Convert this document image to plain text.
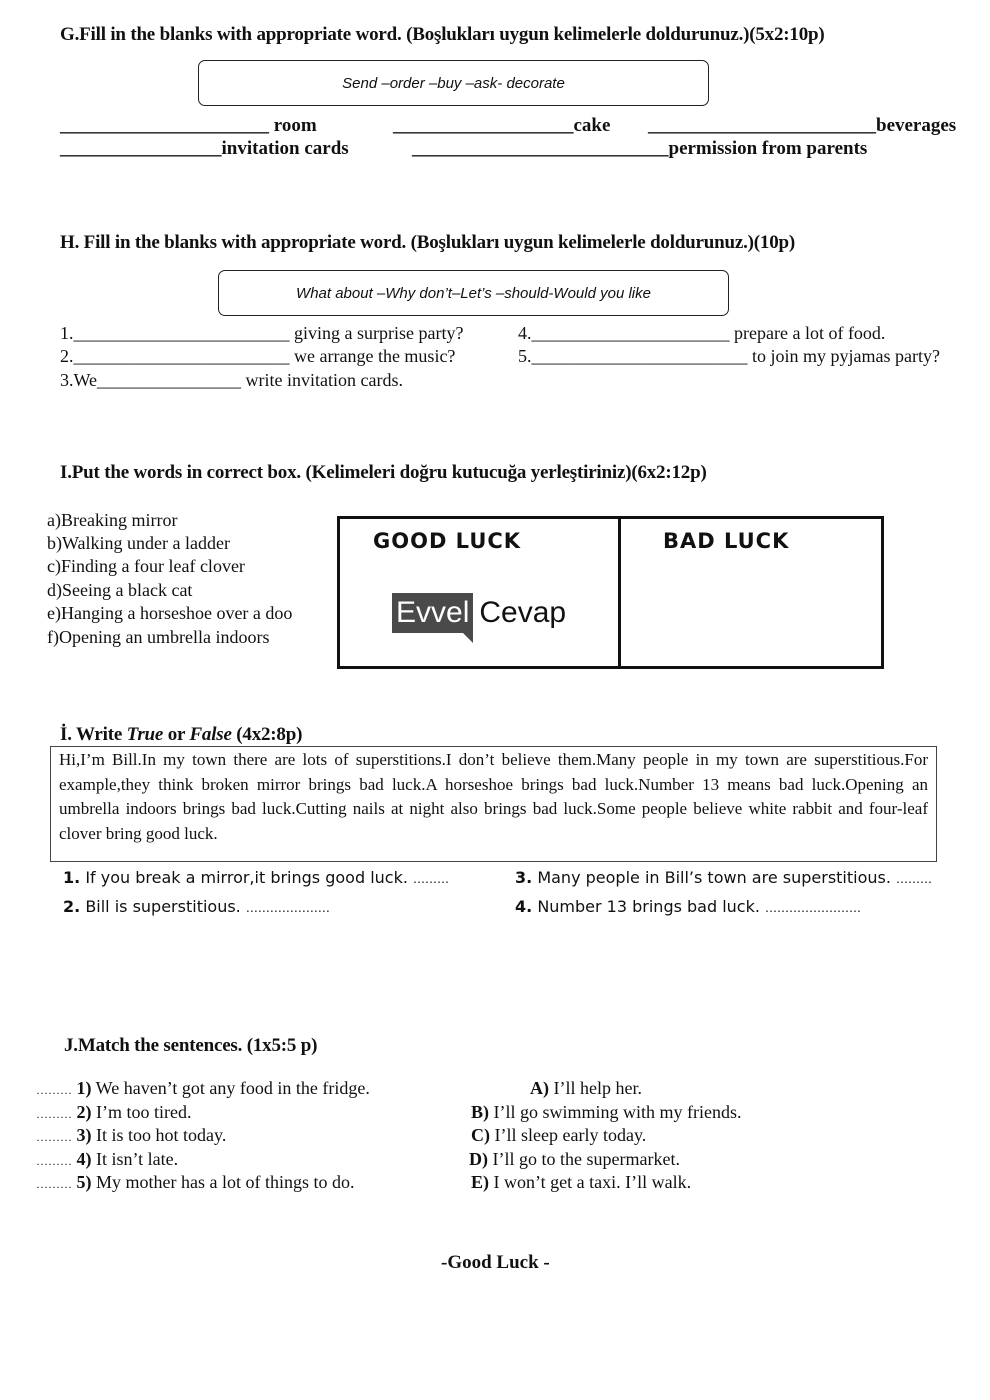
G.Fill in the blanks with appropriate word. (Boşlukları uygun kelimelerle doldurunuz.)(5x2:10p)
Send –order –buy –ask- decorate
______________________ room	___________________cake ________________________beverages
_________________invitation cards	___________________________permission from parents
H. Fill in the blanks with appropriate word. (Boşlukları uygun kelimelerle doldurunuz.)(10p)
What about –Why don’t–Let’s –should-Would you like
1.________________________ giving a surprise party?
2.________________________ we arrange the music?
3.We________________ write invitation cards.
4.______________________ prepare a lot of food.
5.________________________ to join my pyjamas party?
I.Put the words in correct box. (Kelimeleri doğru kutucuğa yerleştiriniz)(6x2:12p)
a)Breaking mirror
b)Walking under a ladder
c)Finding a four leaf clover
d)Seeing a black cat
e)Hanging a horseshoe over a doo
f)Opening an umbrella indoors
GOOD LUCK
Evvel Cevap
BAD LUCK
İ. Write True or False (4x2:8p)
Hi,I’m Bill.In my town there are lots of superstitions.I don’t believe them.Many people in my town are superstitious.For example,they think broken mirror brings bad luck.A horseshoe brings bad luck.Number 13 means bad luck.Opening an umbrella indoors brings bad luck.Cutting nails at night also brings bad luck.Some people believe white rabbit and four-leaf clover bring good luck.
1. If you break a mirror,it brings good luck. ………
2. Bill is superstitious. …………………
3. Many people in Bill’s town are superstitious. ………
4. Number 13 brings bad luck. ……………………
J.Match the sentences. (1x5:5 p)
……… 1) We haven’t got any food in the fridge.
……… 2) I’m too tired.
……… 3) It is too hot today.
……… 4) It isn’t late.
……… 5) My mother has a lot of things to do.
A) I’ll help her.
B) I’ll go swimming with my friends.
C) I’ll sleep early today.
D) I’ll go to the supermarket.
E) I won’t get a taxi. I’ll walk.
-Good Luck -
